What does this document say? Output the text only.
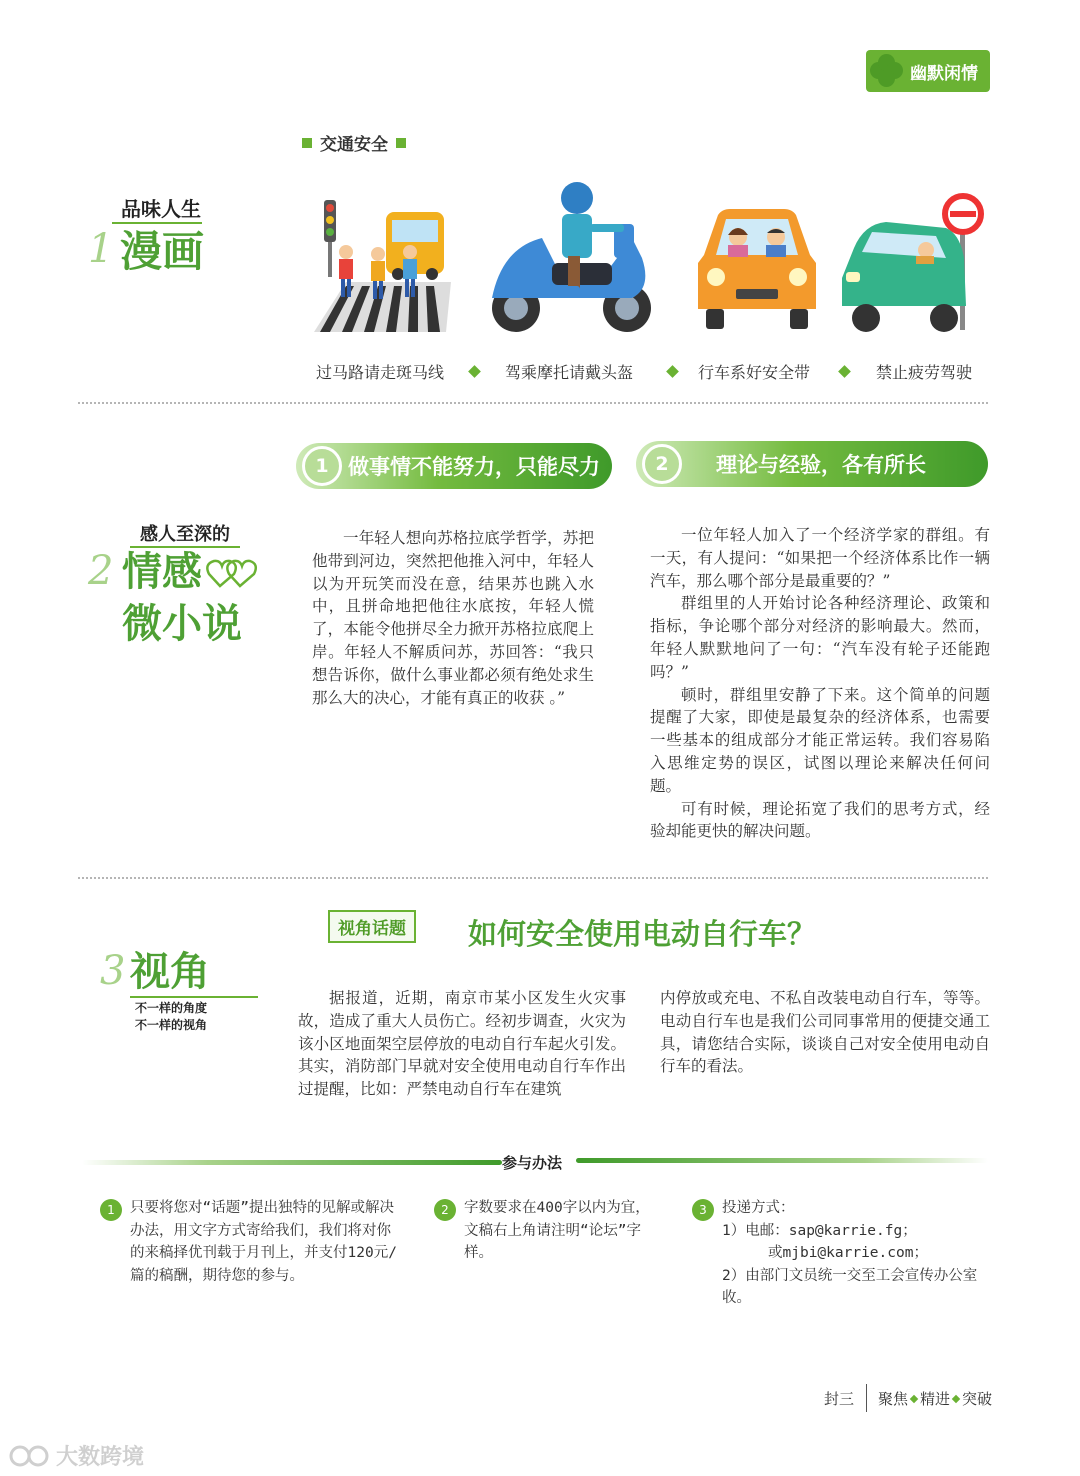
幽默闲情
品味人生
1 漫画
交通安全
过马路请走斑马线	驾乘摩托请戴头盔	行车系好安全带	禁止疲劳驾驶
感人至深的
2 情感
微小说
1 做事情不能努力，只能尽力	2	理论与经验，各有所长

一年轻人想向苏格拉底学哲学，苏把他带到河边，突然把他推入河中，年轻人以为开玩笑而没在意，结果苏也跳入水中，且拼命地把他往水底按，年轻人慌了，本能令他拼尽全力掀开苏格拉底爬上岸。年轻人不解质问苏，苏回答：“我只想告诉你，做什么事业都必须有绝处求生那么大的决心，才能有真正的收获 。”

一位年轻人加入了一个经济学家的群组。有一天，有人提问：“如果把一个经济体系比作一辆汽车，那么哪个部分是最重要的？”

群组里的人开始讨论各种经济理论、政策和指标，争论哪个部分对经济的影响最大。然而，年轻人默默地问了一句：“汽车没有轮子还能跑吗？”

顿时，群组里安静了下来。这个简单的问题提醒了大家，即使是最复杂的经济体系，也需要一些基本的组成部分才能正常运转。我们容易陷入思维定势的误区，试图以理论来解决任何问题。

可有时候，理论拓宽了我们的思考方式，经验却能更快的解决问题。

3 视角
不一样的角度
不一样的视角
视角话题	如何安全使用电动自行车？

据报道，近期，南京市某小区发生火灾事故，造成了重大人员伤亡。经初步调查，火灾为该小区地面架空层停放的电动自行车起火引发。其实，消防部门早就对安全使用电动自行车作出过提醒，比如：严禁电动自行车在建筑

内停放或充电、不私自改装电动自行车，等等。电动自行车也是我们公司同事常用的便捷交通工具，请您结合实际，谈谈自己对安全使用电动自行车的看法。

参与办法
1	只要将您对“话题”提出独特的见解或解决办法，用文字方式寄给我们，我们将对你的来稿择优刊载于月刊上，并支付120元/篇的稿酬，期待您的参与。
2	字数要求在400字以内为宜，文稿右上角请注明“论坛”字样。
3	投递方式：
1）电邮：sap@karrie.fg；
或mjbi@karrie.com；
2）由部门文员统一交至工会宣传办公室收。
封三 聚焦 精进 突破
大数跨境
